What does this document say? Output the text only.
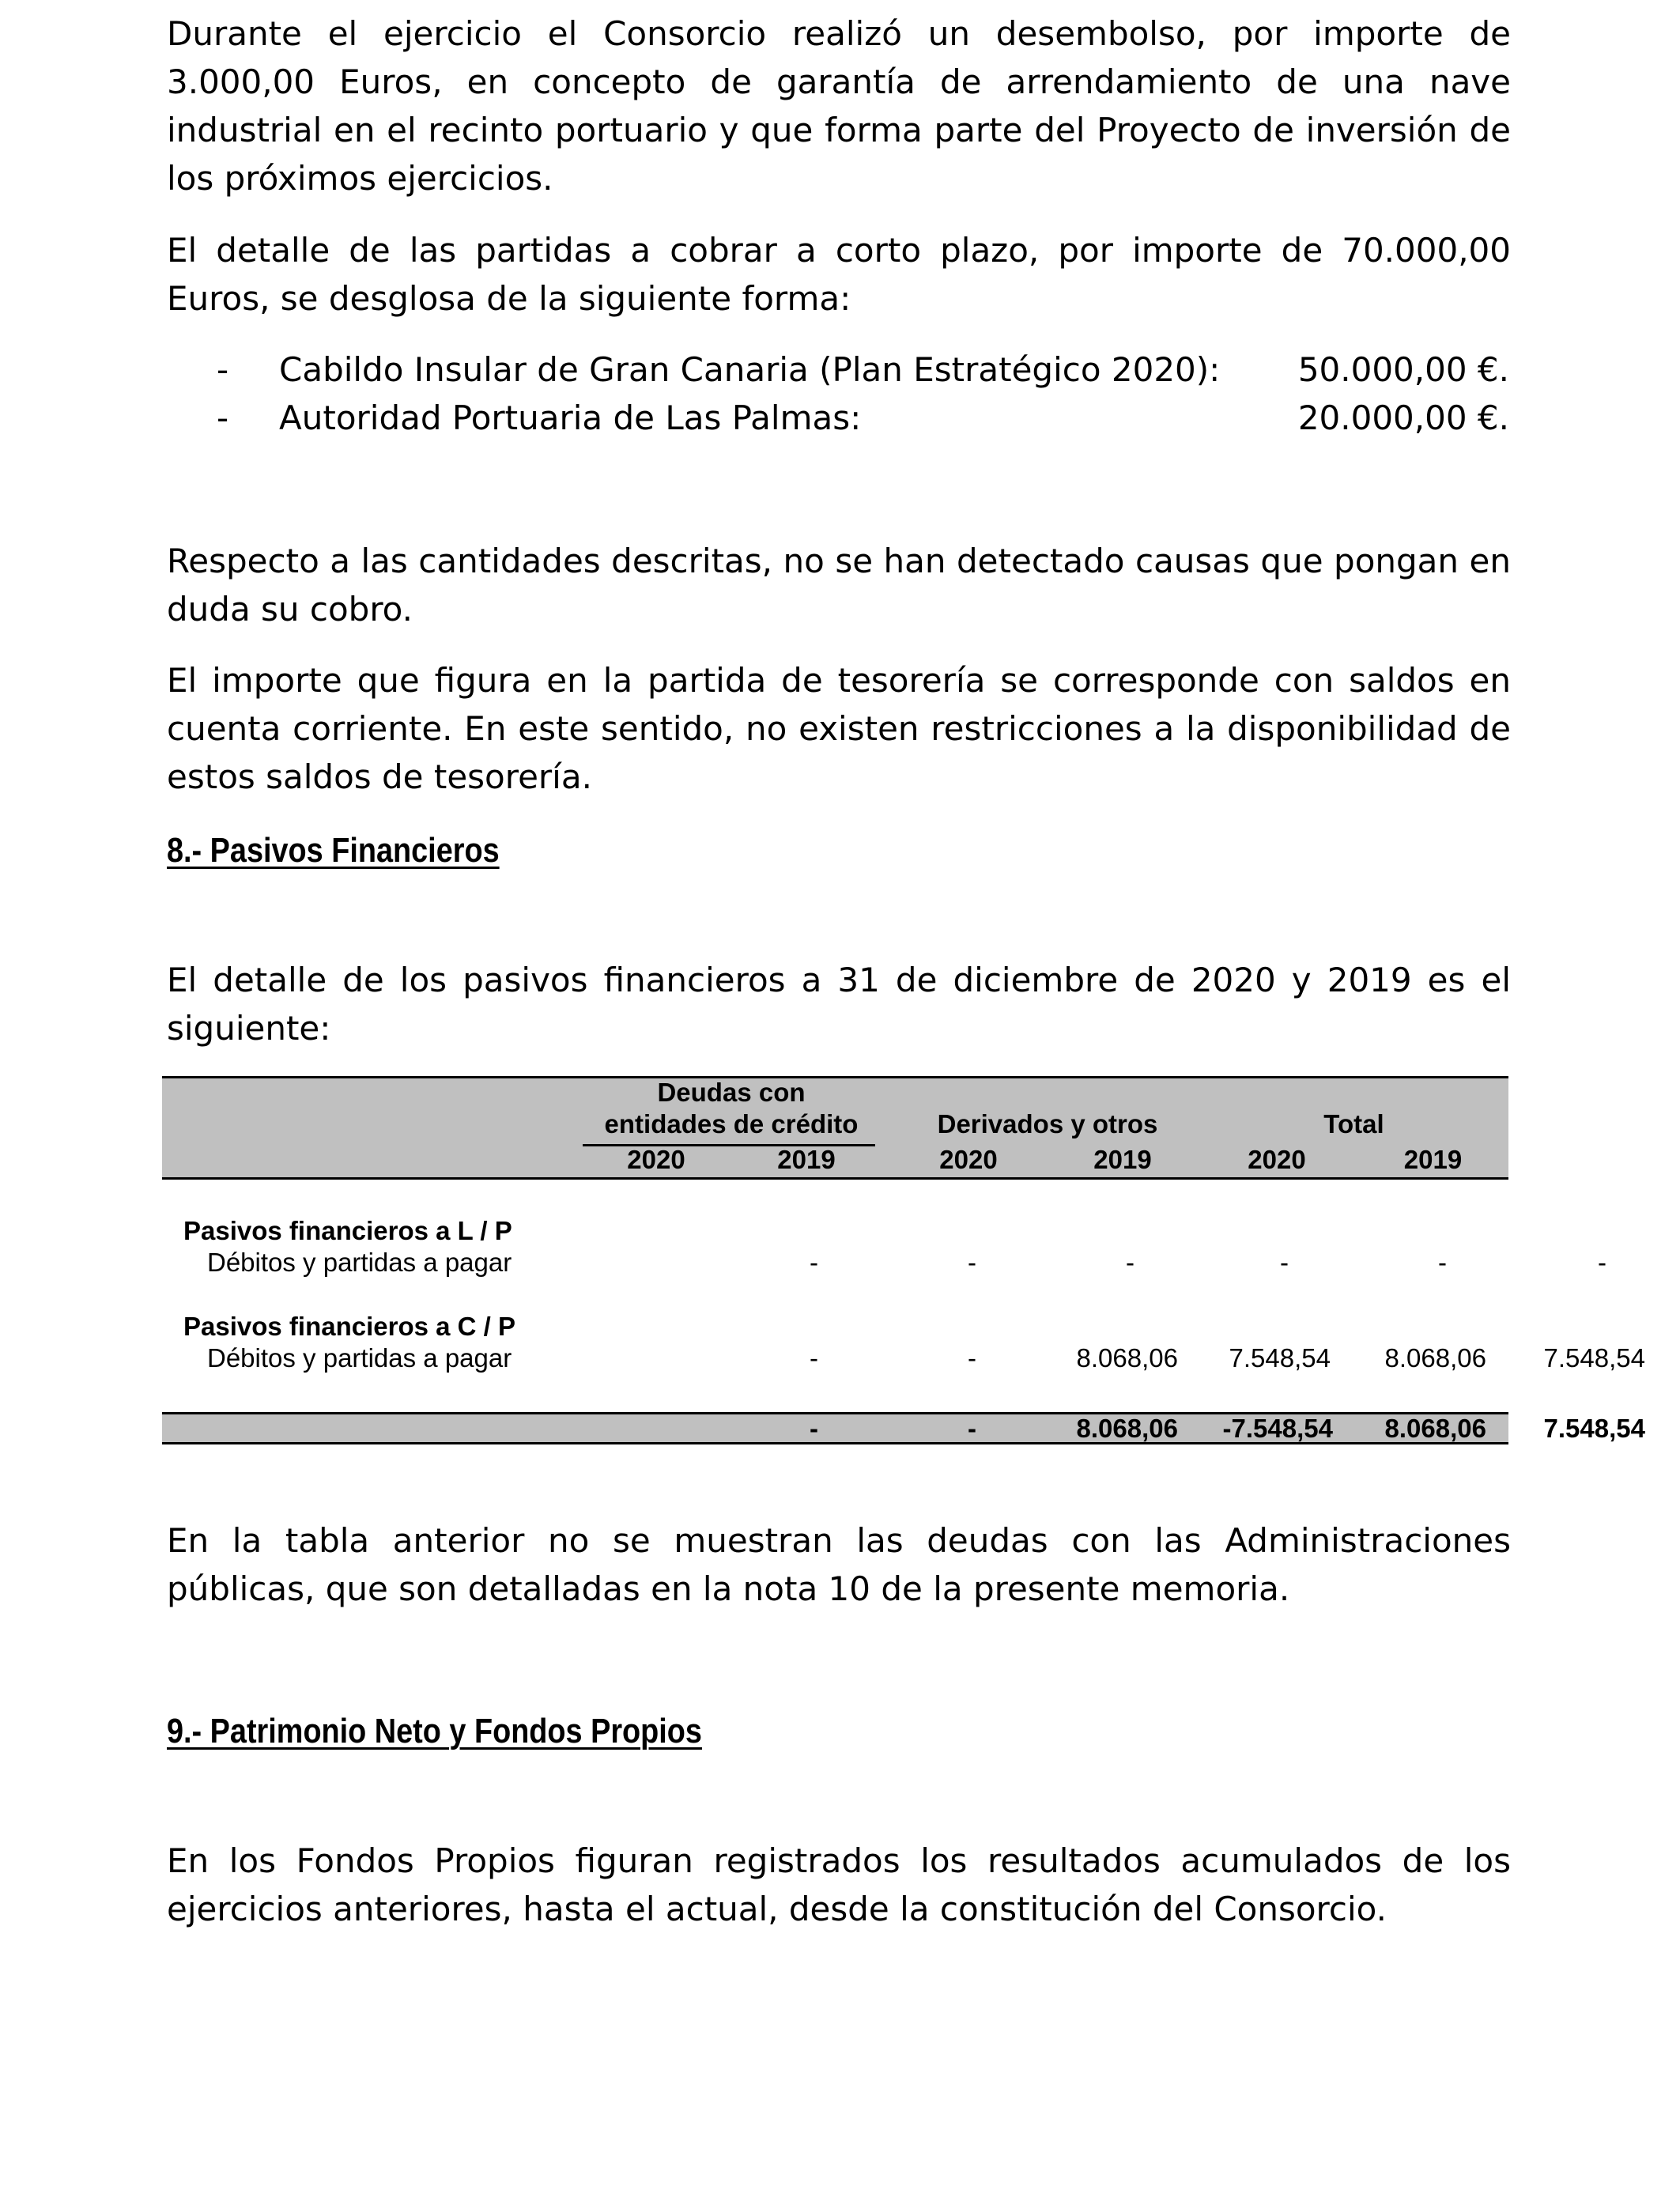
Durante el ejercicio el Consorcio realizó un desembolso, por importe de 3.000,00 Euros, en concepto de garantía de arrendamiento de una nave industrial en el recinto portuario y que forma parte del Proyecto de inversión de los próximos ejercicios.

El detalle de las partidas a cobrar a corto plazo, por importe de 70.000,00 Euros, se desglosa de la siguiente forma:

- Cabildo Insular de Gran Canaria (Plan Estratégico 2020): 50.000,00 €.
- Autoridad Portuaria de Las Palmas:	20.000,00 €.

Respecto a las cantidades descritas, no se han detectado causas que pongan en duda su cobro.

El importe que figura en la partida de tesorería se corresponde con saldos en cuenta corriente. En este sentido, no existen restricciones a la disponibilidad de estos saldos de tesorería.

8.- Pasivos Financieros

El detalle de los pasivos financieros a 31 de diciembre de 2020 y 2019 es el siguiente:

En la tabla anterior no se muestran las deudas con las Administraciones públicas, que son detalladas en la nota 10 de la presente memoria.

9.- Patrimonio Neto y Fondos Propios

En los Fondos Propios figuran registrados los resultados acumulados de los ejercicios anteriores, hasta el actual, desde la constitución del Consorcio.

Deudas con
entidades de crédito	Derivados y otros	Total
2020	2019	2020	2019	2020	2019
Pasivos financieros a L / P
Débitos y partidas a pagar	-	-	-	-	-	-
Pasivos financieros a C / P
Débitos y partidas a pagar	-	-	8.068,06	7.548,54	8.068,06	7.548,54
-	-	8.068,06	-7.548,54	8.068,06	7.548,54
